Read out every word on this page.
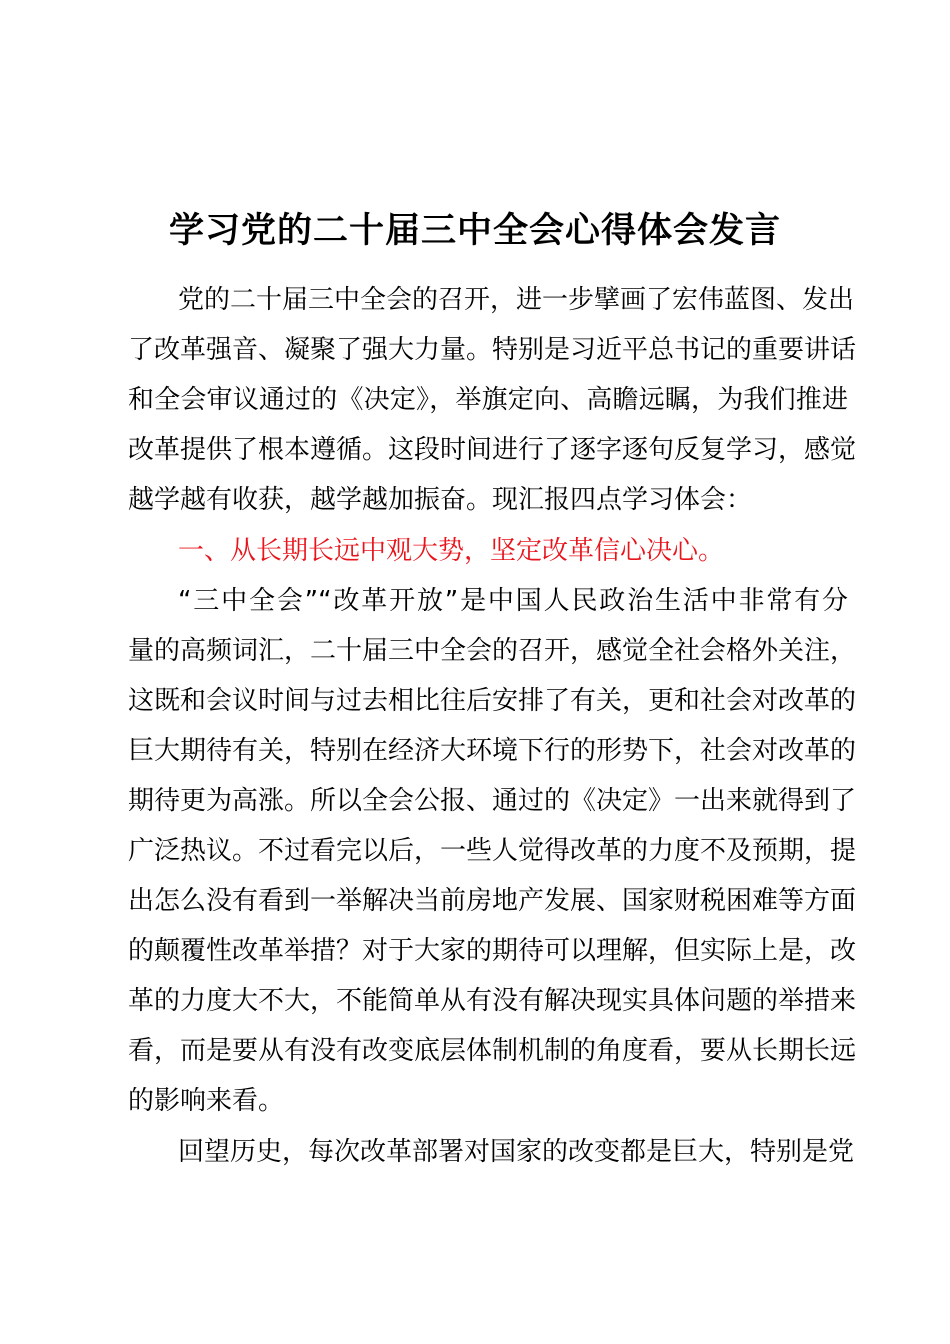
学习党的二十届三中全会心得体会发言

党的二十届三中全会的召开，进一步擘画了宏伟蓝图、发出

了改革强音、凝聚了强大力量。特别是习近平总书记的重要讲话

和全会审议通过的《决定》，举旗定向、高瞻远瞩，为我们推进

改革提供了根本遵循。这段时间进行了逐字逐句反复学习，感觉

越学越有收获，越学越加振奋。现汇报四点学习体会：

一、从长期长远中观大势，坚定改革信心决心。

“三中全会”“改革开放”是中国人民政治生活中非常有分

量的高频词汇，二十届三中全会的召开，感觉全社会格外关注，

这既和会议时间与过去相比往后安排了有关，更和社会对改革的

巨大期待有关，特别在经济大环境下行的形势下，社会对改革的

期待更为高涨。所以全会公报、通过的《决定》一出来就得到了

广泛热议。不过看完以后，一些人觉得改革的力度不及预期，提

出怎么没有看到一举解决当前房地产发展、国家财税困难等方面

的颠覆性改革举措？对于大家的期待可以理解，但实际上是，改

革的力度大不大，不能简单从有没有解决现实具体问题的举措来

看，而是要从有没有改变底层体制机制的角度看，要从长期长远

的影响来看。

回望历史，每次改革部署对国家的改变都是巨大，特别是党
